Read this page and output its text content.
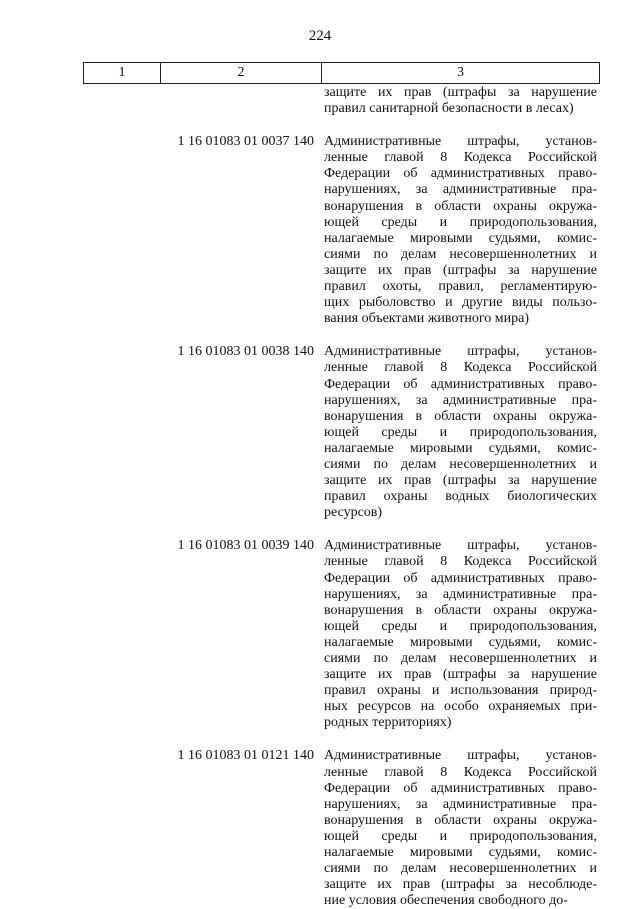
224
1	2	3
защите их прав (штрафы за нарушение
правил санитарной безопасности в лесах)
1 16 01083 01 0037 140 Административные штрафы, установ-
ленные главой 8 Кодекса Российской
Федерации об административных право-
нарушениях, за административные пра-
вонарушения в области охраны окружа-
ющей среды и природопользования,
налагаемые мировыми судьями, комис-
сиями по делам несовершеннолетних и
защите их прав (штрафы за нарушение
правил охоты, правил, регламентирую-
щих рыболовство и другие виды пользо-
вания объектами животного мира)
1 16 01083 01 0038 140 Административные штрафы, установ-
ленные главой 8 Кодекса Российской
Федерации об административных право-
нарушениях, за административные пра-
вонарушения в области охраны окружа-
ющей среды и природопользования,
налагаемые мировыми судьями, комис-
сиями по делам несовершеннолетних и
защите их прав (штрафы за нарушение
правил охраны водных биологических
ресурсов)
1 16 01083 01 0039 140 Административные штрафы, установ-
ленные главой 8 Кодекса Российской
Федерации об административных право-
нарушениях, за административные пра-
вонарушения в области охраны окружа-
ющей среды и природопользования,
налагаемые мировыми судьями, комис-
сиями по делам несовершеннолетних и
защите их прав (штрафы за нарушение
правил охраны и использования природ-
ных ресурсов на особо охраняемых при-
родных территориях)
1 16 01083 01 0121 140 Административные штрафы, установ-
ленные главой 8 Кодекса Российской
Федерации об административных право-
нарушениях, за административные пра-
вонарушения в области охраны окружа-
ющей среды и природопользования,
налагаемые мировыми судьями, комис-
сиями по делам несовершеннолетних и
защите их прав (штрафы за несоблюде-
ние условия обеспечения свободного до-
